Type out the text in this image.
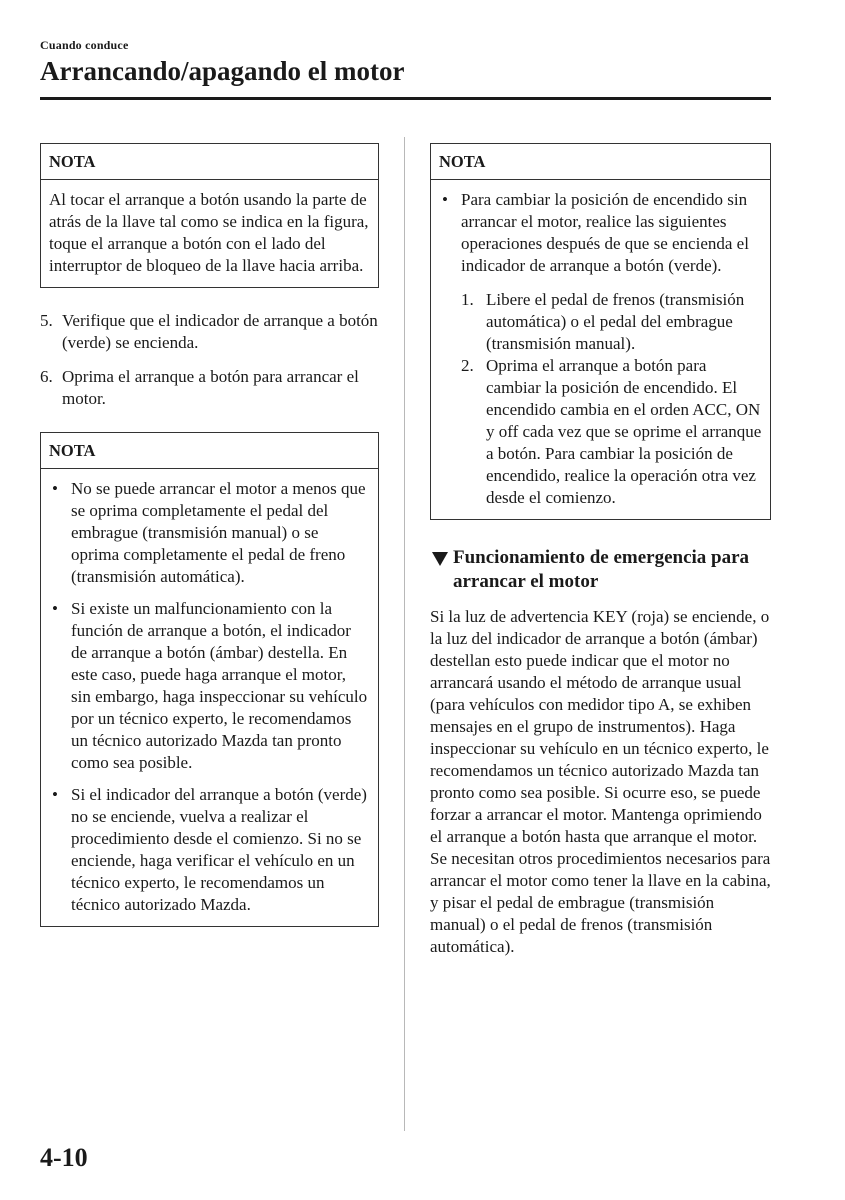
Cuando conduce
Arrancando/apagando el motor
NOTA

Al tocar el arranque a botón usando la parte de atrás de la llave tal como se indica en la figura, toque el arranque a botón con el lado del interruptor de bloqueo de la llave hacia arriba.

5. Verifique que el indicador de arranque a botón (verde) se encienda.
6. Oprima el arranque a botón para arrancar el motor.
NOTA
• No se puede arrancar el motor a menos que se oprima completamente el pedal del embrague (transmisión manual) o se oprima completamente el pedal de freno (transmisión automática).
• Si existe un malfuncionamiento con la función de arranque a botón, el indicador de arranque a botón (ámbar) destella. En este caso, puede haga arranque el motor, sin embargo, haga inspeccionar su vehículo por un técnico experto, le recomendamos un técnico autorizado Mazda tan pronto como sea posible.
• Si el indicador del arranque a botón (verde) no se enciende, vuelva a realizar el procedimiento desde el comienzo. Si no se enciende, haga verificar el vehículo en un técnico experto, le recomendamos un técnico autorizado Mazda.
NOTA
• Para cambiar la posición de encendido sin arrancar el motor, realice las siguientes operaciones después de que se encienda el indicador de arranque a botón (verde).
1. Libere el pedal de frenos (transmisión automática) o el pedal del embrague (transmisión manual).
2. Oprima el arranque a botón para cambiar la posición de encendido. El encendido cambia en el orden ACC, ON y off cada vez que se oprime el arranque a botón. Para cambiar la posición de encendido, realice la operación otra vez desde el comienzo.
Funcionamiento de emergencia para arrancar el motor

Si la luz de advertencia KEY (roja) se enciende, o la luz del indicador de arranque a botón (ámbar) destellan esto puede indicar que el motor no arrancará usando el método de arranque usual (para vehículos con medidor tipo A, se exhiben mensajes en el grupo de instrumentos). Haga inspeccionar su vehículo en un técnico experto, le recomendamos un técnico autorizado Mazda tan pronto como sea posible. Si ocurre eso, se puede forzar a arrancar el motor. Mantenga oprimiendo el arranque a botón hasta que arranque el motor. Se necesitan otros procedimientos necesarios para arrancar el motor como tener la llave en la cabina, y pisar el pedal de embrague (transmisión manual) o el pedal de frenos (transmisión automática).

4-10
